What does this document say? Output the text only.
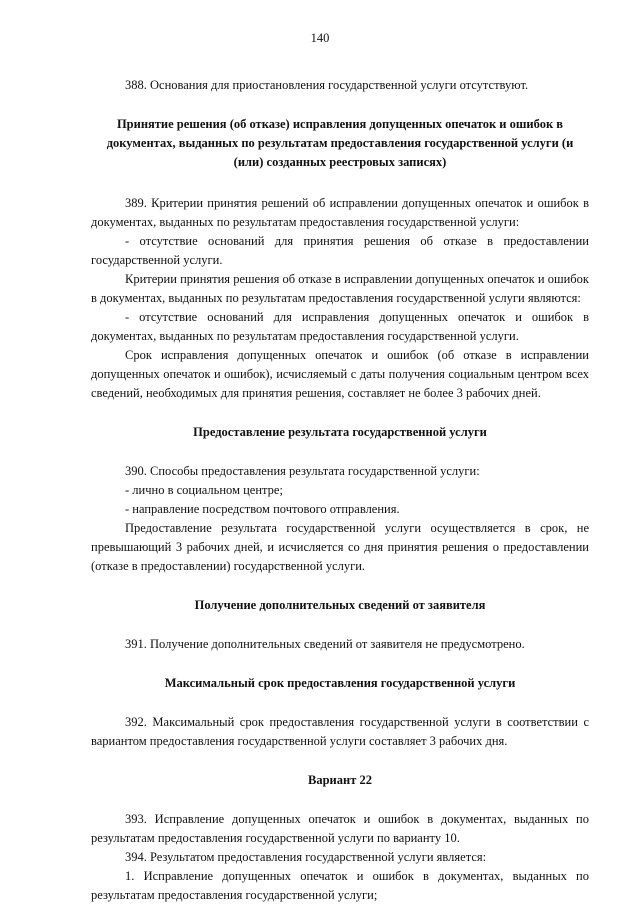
140

388. Основания для приостановления государственной услуги отсутствуют.

Принятие решения (об отказе) исправления допущенных опечаток и ошибок в документах, выданных по результатам предоставления государственной услуги (и (или) созданных реестровых записях)

389. Критерии принятия решений об исправлении допущенных опечаток и ошибок в документах, выданных по результатам предоставления государственной услуги:

- отсутствие оснований для принятия решения об отказе в предоставлении государственной услуги.

Критерии принятия решения об отказе в исправлении допущенных опечаток и ошибок в документах, выданных по результатам предоставления государственной услуги являются:

- отсутствие оснований для исправления допущенных опечаток и ошибок в документах, выданных по результатам предоставления государственной услуги.

Срок исправления допущенных опечаток и ошибок (об отказе в исправлении допущенных опечаток и ошибок), исчисляемый с даты получения социальным центром всех сведений, необходимых для принятия решения, составляет не более 3 рабочих дней.

Предоставление результата государственной услуги

390. Способы предоставления результата государственной услуги:

- лично в социальном центре;

- направление посредством почтового отправления.

Предоставление результата государственной услуги осуществляется в срок, не превышающий 3 рабочих дней, и исчисляется со дня принятия решения о предоставлении (отказе в предоставлении) государственной услуги.

Получение дополнительных сведений от заявителя

391. Получение дополнительных сведений от заявителя не предусмотрено.

Максимальный срок предоставления государственной услуги

392. Максимальный срок предоставления государственной услуги в соответствии с вариантом предоставления государственной услуги составляет 3 рабочих дня.

Вариант 22

393. Исправление допущенных опечаток и ошибок в документах, выданных по результатам предоставления государственной услуги по варианту 10.

394. Результатом предоставления государственной услуги является:

1. Исправление допущенных опечаток и ошибок в документах, выданных по результатам предоставления государственной услуги;
